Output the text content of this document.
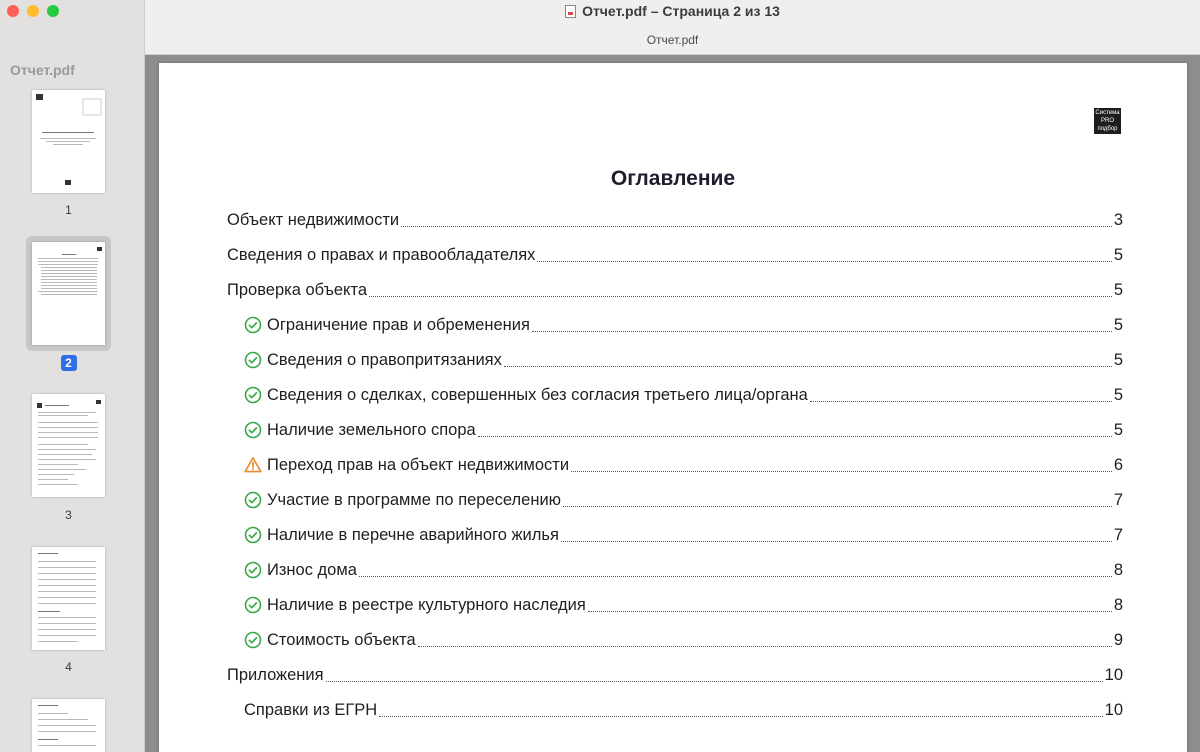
Отчет.pdf
1
2
3
4
Отчет.pdf – Страница 2 из 13
Отчет.pdf
Система
PRO
подбор
Оглавление
Объект недвижимости	3
Сведения о правах и правообладателях	5
Проверка объекта	5
Ограничение прав и обременения	5
Сведения о правопритязаниях	5
Сведения о сделках, совершенных без согласия третьего лица/органа	5
Наличие земельного спора	5
Переход прав на объект недвижимости	6
Участие в программе по переселению	7
Наличие в перечне аварийного жилья	7
Износ дома	8
Наличие в реестре культурного наследия	8
Стоимость объекта	9
Приложения	10
Справки из ЕГРН	10
